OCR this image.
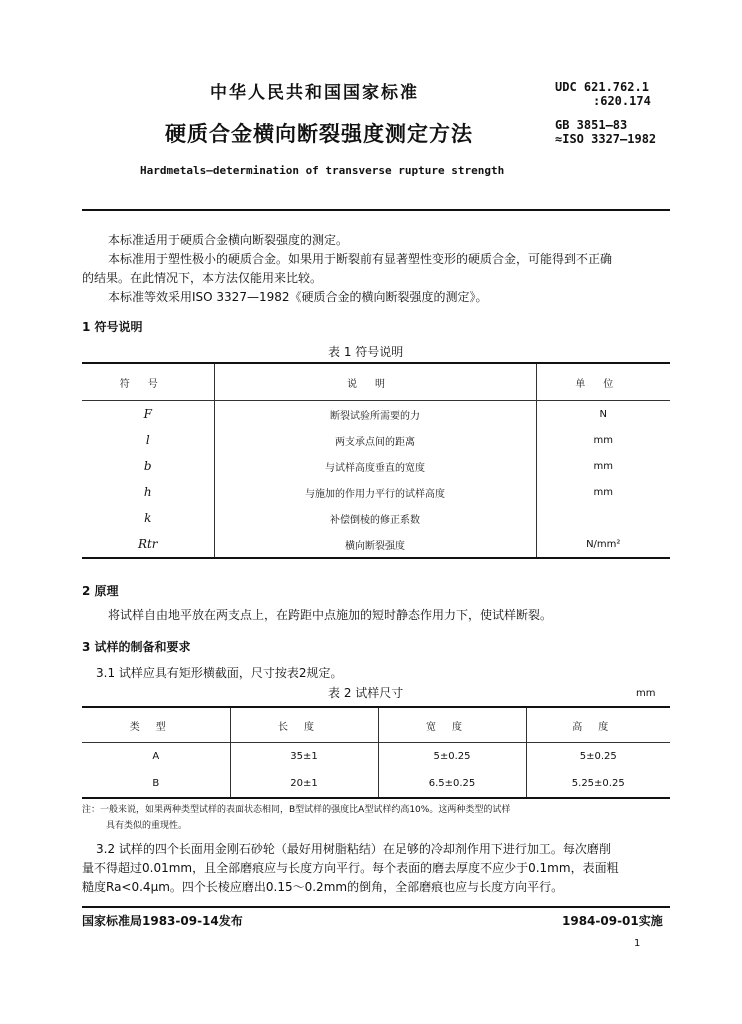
中华人民共和国国家标准
硬质合金横向断裂强度测定方法
Hardmetals—determination of transverse rupture strength
UDC 621.762.1
:620.174
GB 3851—83
≈ISO 3327—1982
本标准适用于硬质合金横向断裂强度的测定。
本标准用于塑性极小的硬质合金。如果用于断裂前有显著塑性变形的硬质合金，可能得到不正确
的结果。在此情况下，本方法仅能用来比较。
本标准等效采用ISO 3327—1982《硬质合金的横向断裂强度的测定》。
1 符号说明
表 1 符号说明
符号	说明	单位
F	断裂试验所需要的力	N
l	两支承点间的距离	mm
b	与试样高度垂直的宽度	mm
h	与施加的作用力平行的试样高度	mm
k	补偿倒棱的修正系数	
Rtr	横向断裂强度	N/mm²
2 原理
将试样自由地平放在两支点上，在跨距中点施加的短时静态作用力下，使试样断裂。
3 试样的制备和要求
3.1 试样应具有矩形横截面，尺寸按表2规定。
表 2 试样尺寸	mm
类型	长度	宽度	高度
A	35±1	5±0.25	5±0.25
B	20±1	6.5±0.25	5.25±0.25
注：一般来说，如果两种类型试样的表面状态相同，B型试样的强度比A型试样约高10%。这两种类型的试样
具有类似的重现性。
3.2 试样的四个长面用金刚石砂轮（最好用树脂粘结）在足够的冷却剂作用下进行加工。每次磨削
量不得超过0.01mm，且全部磨痕应与长度方向平行。每个表面的磨去厚度不应少于0.1mm，表面粗
糙度Ra<0.4μm。四个长棱应磨出0.15～0.2mm的倒角，全部磨痕也应与长度方向平行。
国家标准局1983-09-14发布	1984-09-01实施
1
